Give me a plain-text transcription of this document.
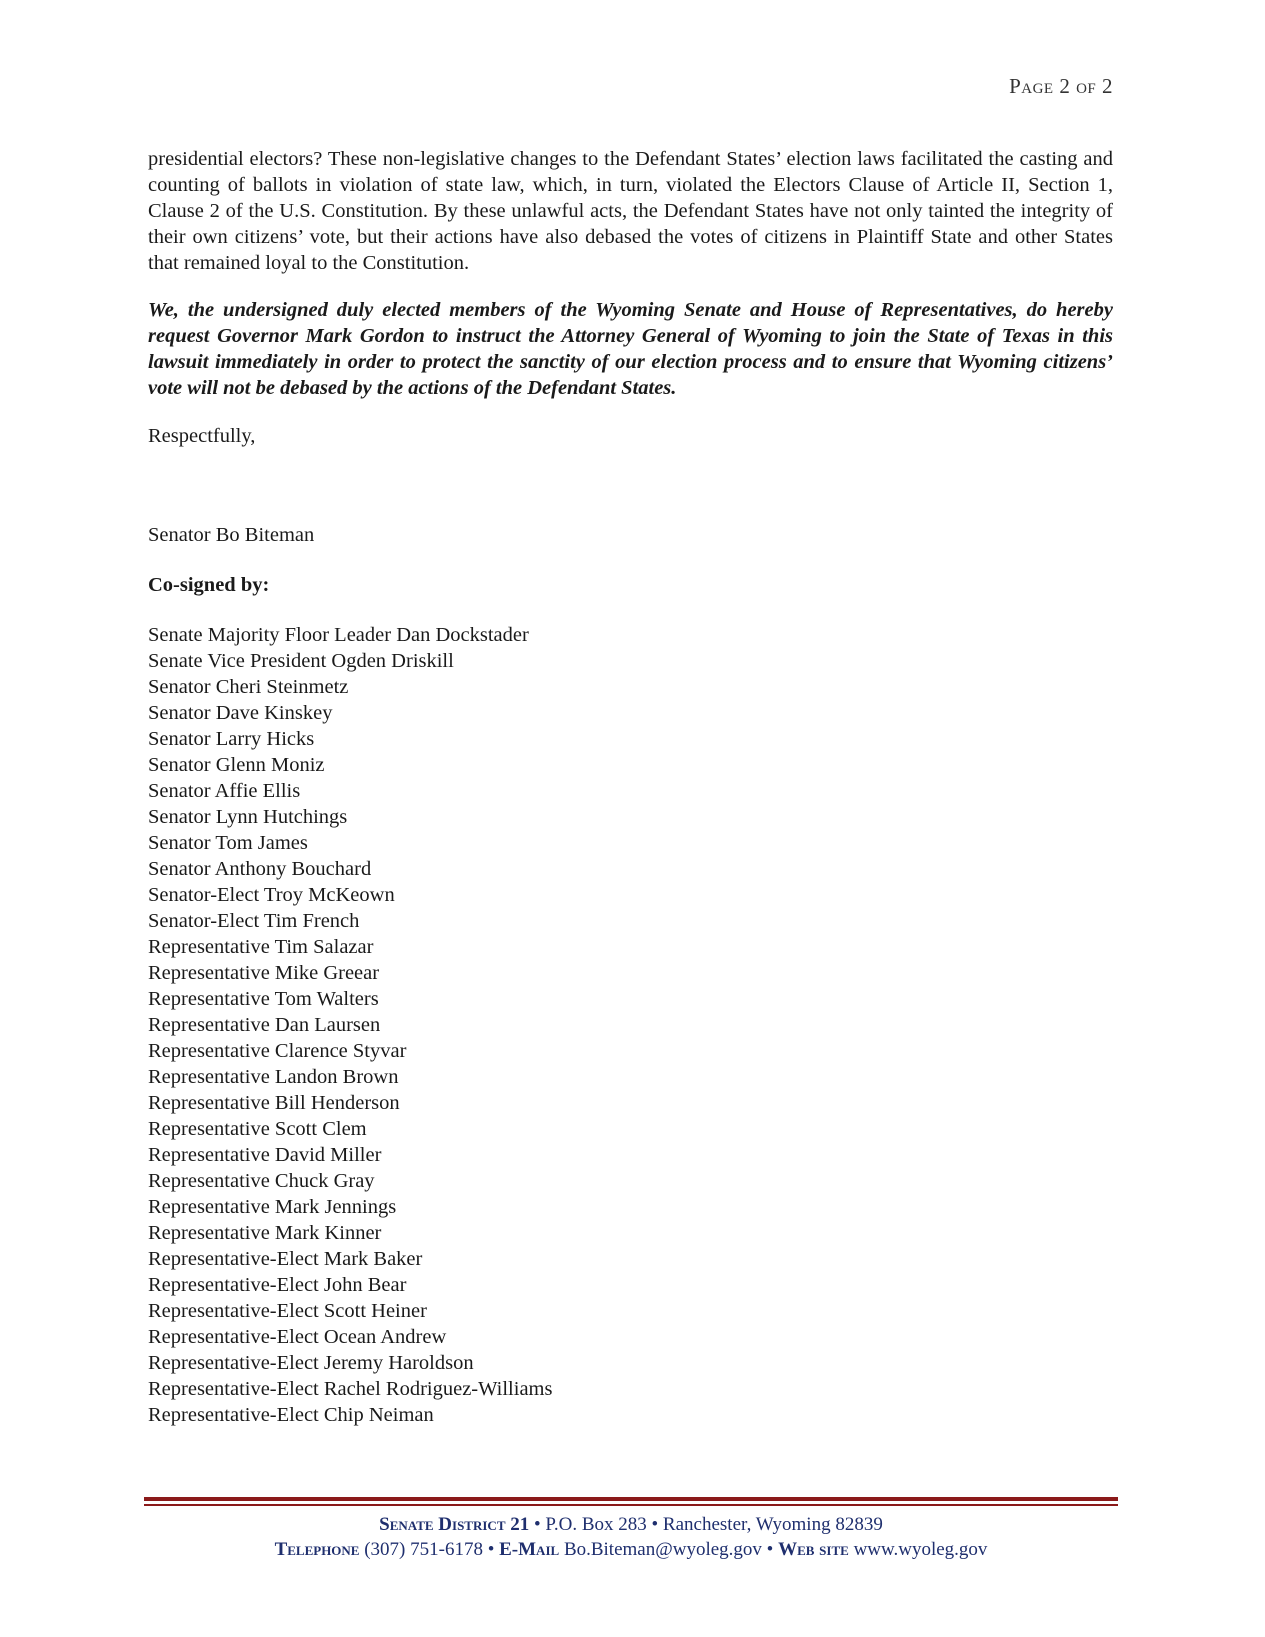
Page 2 of 2

presidential electors? These non-legislative changes to the Defendant States’ election laws facilitated the casting and counting of ballots in violation of state law, which, in turn, violated the Electors Clause of Article II, Section 1, Clause 2 of the U.S. Constitution. By these unlawful acts, the Defendant States have not only tainted the integrity of their own citizens’ vote, but their actions have also debased the votes of citizens in Plaintiff State and other States that remained loyal to the Constitution.

We, the undersigned duly elected members of the Wyoming Senate and House of Representatives, do hereby request Governor Mark Gordon to instruct the Attorney General of Wyoming to join the State of Texas in this lawsuit immediately in order to protect the sanctity of our election process and to ensure that Wyoming citizens’ vote will not be debased by the actions of the Defendant States.

Respectfully,

Senator Bo Biteman

Co-signed by:

Senate Majority Floor Leader Dan Dockstader
Senate Vice President Ogden Driskill
Senator Cheri Steinmetz
Senator Dave Kinskey
Senator Larry Hicks
Senator Glenn Moniz
Senator Affie Ellis
Senator Lynn Hutchings
Senator Tom James
Senator Anthony Bouchard
Senator-Elect Troy McKeown
Senator-Elect Tim French
Representative Tim Salazar
Representative Mike Greear
Representative Tom Walters
Representative Dan Laursen
Representative Clarence Styvar
Representative Landon Brown
Representative Bill Henderson
Representative Scott Clem
Representative David Miller
Representative Chuck Gray
Representative Mark Jennings
Representative Mark Kinner
Representative-Elect Mark Baker
Representative-Elect John Bear
Representative-Elect Scott Heiner
Representative-Elect Ocean Andrew
Representative-Elect Jeremy Haroldson
Representative-Elect Rachel Rodriguez-Williams
Representative-Elect Chip Neiman
Senate District 21 • P.O. Box 283 • Ranchester, Wyoming 82839
Telephone (307) 751-6178 • E-Mail Bo.Biteman@wyoleg.gov • Web site www.wyoleg.gov
